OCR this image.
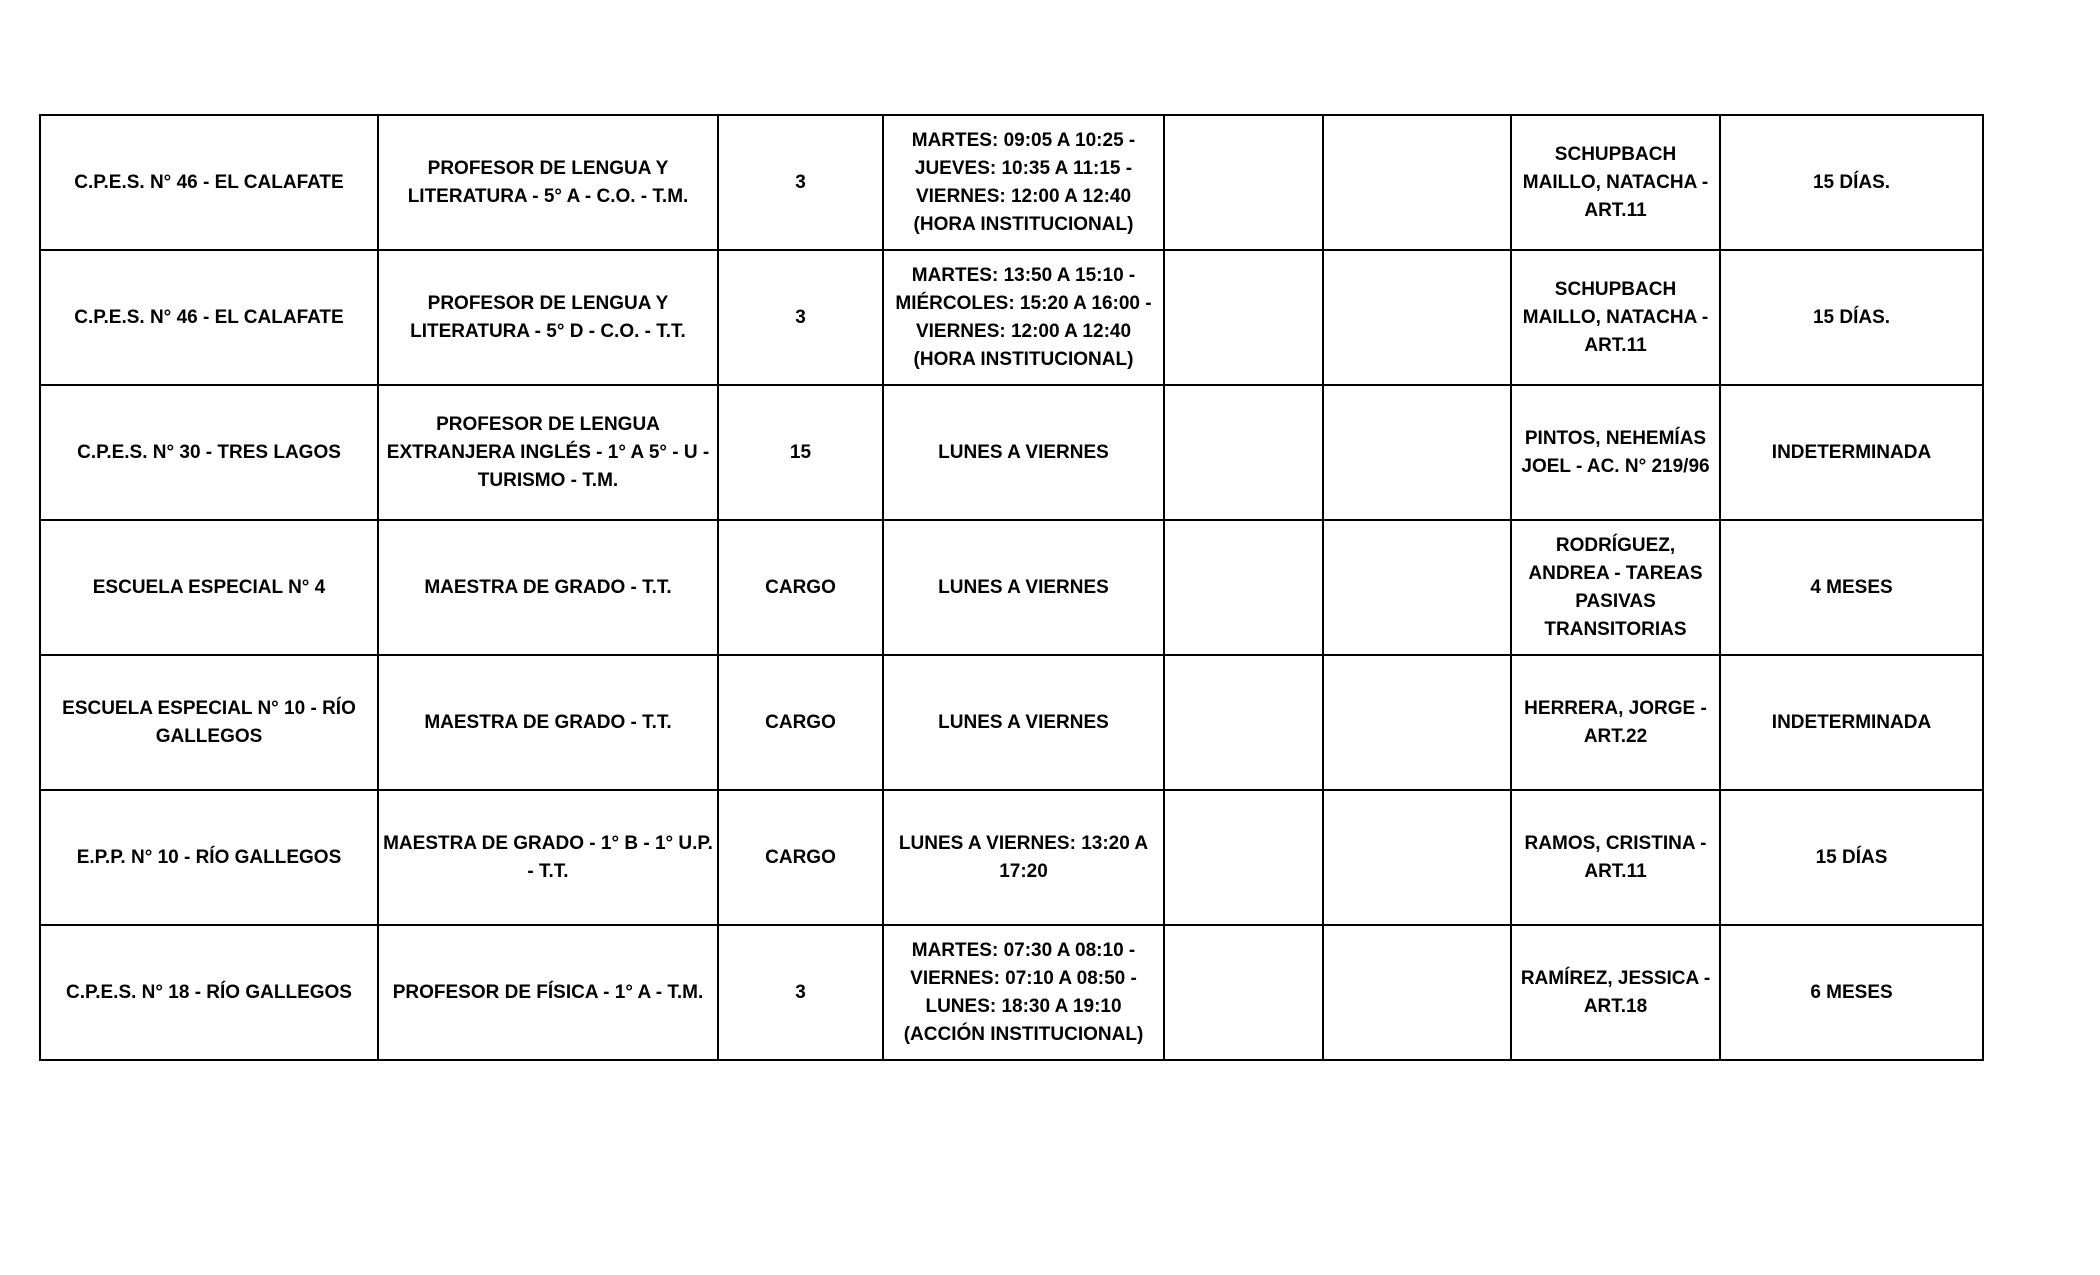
C.P.E.S. N° 46 - EL CALAFATE	PROFESOR DE LENGUA Y LITERATURA - 5° A - C.O. - T.M.	3	MARTES: 09:05 A 10:25 - JUEVES: 10:35 A 11:15 - VIERNES: 12:00 A 12:40 (HORA INSTITUCIONAL)			SCHUPBACH MAILLO, NATACHA - ART.11	15 DÍAS.
C.P.E.S. N° 46 - EL CALAFATE	PROFESOR DE LENGUA Y LITERATURA - 5° D - C.O. - T.T.	3	MARTES: 13:50 A 15:10 - MIÉRCOLES: 15:20 A 16:00 - VIERNES: 12:00 A 12:40 (HORA INSTITUCIONAL)			SCHUPBACH MAILLO, NATACHA - ART.11	15 DÍAS.
C.P.E.S. N° 30 - TRES LAGOS	PROFESOR DE LENGUA EXTRANJERA INGLÉS - 1° A 5° - U - TURISMO - T.M.	15	LUNES A VIERNES			PINTOS, NEHEMÍAS JOEL - AC. N° 219/96	INDETERMINADA
ESCUELA ESPECIAL N° 4	MAESTRA DE GRADO - T.T.	CARGO	LUNES A VIERNES			RODRÍGUEZ, ANDREA - TAREAS PASIVAS TRANSITORIAS	4 MESES
ESCUELA ESPECIAL N° 10 - RÍO GALLEGOS	MAESTRA DE GRADO - T.T.	CARGO	LUNES A VIERNES			HERRERA, JORGE - ART.22	INDETERMINADA
E.P.P. N° 10 - RÍO GALLEGOS	MAESTRA DE GRADO - 1° B - 1° U.P. - T.T.	CARGO	LUNES A VIERNES: 13:20 A 17:20			RAMOS, CRISTINA - ART.11	15 DÍAS
C.P.E.S. N° 18 - RÍO GALLEGOS	PROFESOR DE FÍSICA - 1° A - T.M.	3	MARTES: 07:30 A 08:10 - VIERNES: 07:10 A 08:50 - LUNES: 18:30 A 19:10 (ACCIÓN INSTITUCIONAL)			RAMÍREZ, JESSICA - ART.18	6 MESES
